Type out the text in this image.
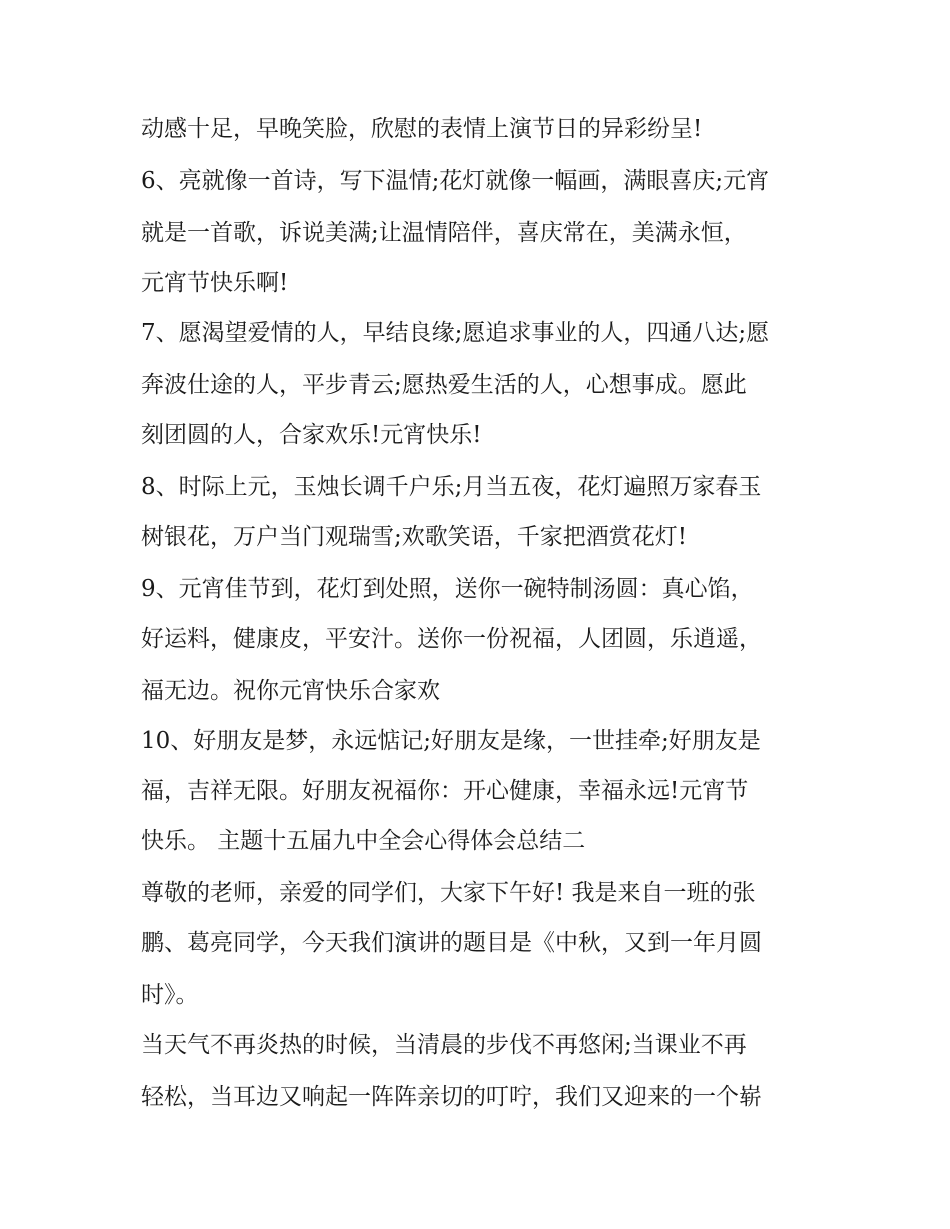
动感十足，早晚笑脸，欣慰的表情上演节日的异彩纷呈!
6、亮就像一首诗，写下温情;花灯就像一幅画，满眼喜庆;元宵
就是一首歌，诉说美满;让温情陪伴，喜庆常在，美满永恒，
元宵节快乐啊!
7、愿渴望爱情的人，早结良缘;愿追求事业的人，四通八达;愿
奔波仕途的人，平步青云;愿热爱生活的人，心想事成。愿此
刻团圆的人，合家欢乐!元宵快乐!
8、时际上元，玉烛长调千户乐;月当五夜，花灯遍照万家春玉
树银花，万户当门观瑞雪;欢歌笑语，千家把酒赏花灯!
9、元宵佳节到，花灯到处照，送你一碗特制汤圆：真心馅，
好运料，健康皮，平安汁。送你一份祝福，人团圆，乐逍遥，
福无边。祝你元宵快乐合家欢
10、好朋友是梦，永远惦记;好朋友是缘，一世挂牵;好朋友是
福，吉祥无限。好朋友祝福你：开心健康，幸福永远!元宵节
快乐。 主题十五届九中全会心得体会总结二
尊敬的老师，亲爱的同学们，大家下午好! 我是来自一班的张
鹏、葛亮同学，今天我们演讲的题目是《中秋，又到一年月圆
时》。
当天气不再炎热的时候，当清晨的步伐不再悠闲;当课业不再
轻松，当耳边又响起一阵阵亲切的叮咛，我们又迎来的一个崭
